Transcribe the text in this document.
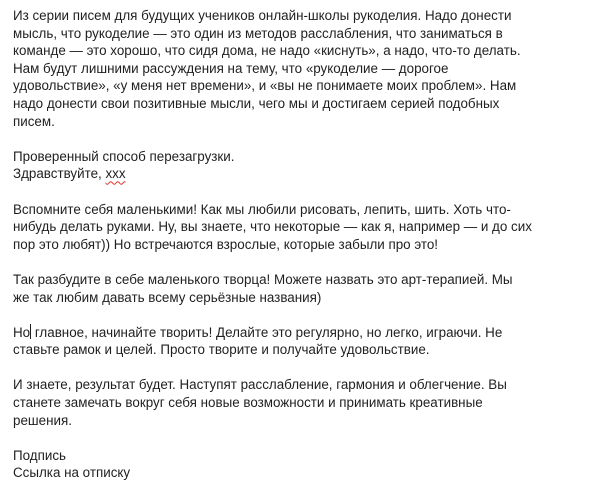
Из серии писем для будущих учеников онлайн-школы рукоделия. Надо донести
мысль, что рукоделие — это один из методов расслабления, что заниматься в
команде — это хорошо, что сидя дома, не надо «киснуть», а надо, что-то делать.
Нам будут лишними рассуждения на тему, что «рукоделие — дорогое
удовольствие», «у меня нет времени», и «вы не понимаете моих проблем». Нам
надо донести свои позитивные мысли, чего мы и достигаем серией подобных
писем.
Проверенный способ перезагрузки.
Здравствуйте, ххх
Вспомните себя маленькими! Как мы любили рисовать, лепить, шить. Хоть что-
нибудь делать руками. Ну, вы знаете, что некоторые — как я, например — и до сих
пор это любят)) Но встречаются взрослые, которые забыли про это!
Так разбудите в себе маленького творца! Можете назвать это арт-терапией. Мы
же так любим давать всему серьёзные названия)
Но главное, начинайте творить! Делайте это регулярно, но легко, играючи. Не
ставьте рамок и целей. Просто творите и получайте удовольствие.
И знаете, результат будет. Наступят расслабление, гармония и облегчение. Вы
станете замечать вокруг себя новые возможности и принимать креативные
решения.
Подпись
Ссылка на отписку
